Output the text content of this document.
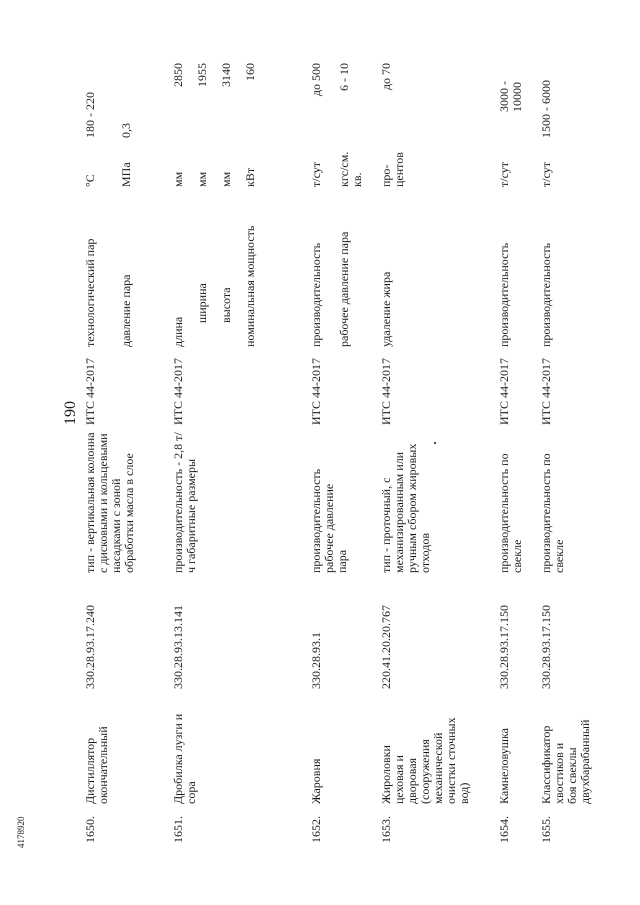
4178920
190
1650.
Дистиллятор окончательный
330.28.93.17.240
тип - вертикальная колонна с дисковыми и кольцевыми насадками с зоной обработки масла в слое
ИТС 44-2017
технологический пар давление пара
°С МПа
180 - 220 0,3
1651.
Дробилка лузги и сора
330.28.93.13.141
производительность - 2,8 т/ч габаритные размеры
ИТС 44-2017
длина
ширина высота номинальная мощность
мм мм мм кВт
2850 1955 3140 160
1652.
Жаровня
330.28.93.1
производительность рабочее давление пара
ИТС 44-2017
производительность рабочее давление пара
т/сут кгс/см. кв.
до 500 6 - 10
1653.
Жироловки цеховая и дворовая (сооружения механической очистки сточных вод)
220.41.20.20.767
тип - проточный, с механизированным или ручным сбором жировых отходов
ИТС 44-2017
удаление жира
про-центов
до 70
1654.
Камнеловушка
330.28.93.17.150
производительность по свекле
ИТС 44-2017
производительность
т/сут
3000 - 10000
1655.
Классификатор хвостиков и боя свеклы двухбарабанный
330.28.93.17.150
производительность по свекле
ИТС 44-2017
производительность
т/сут
1500 - 6000
